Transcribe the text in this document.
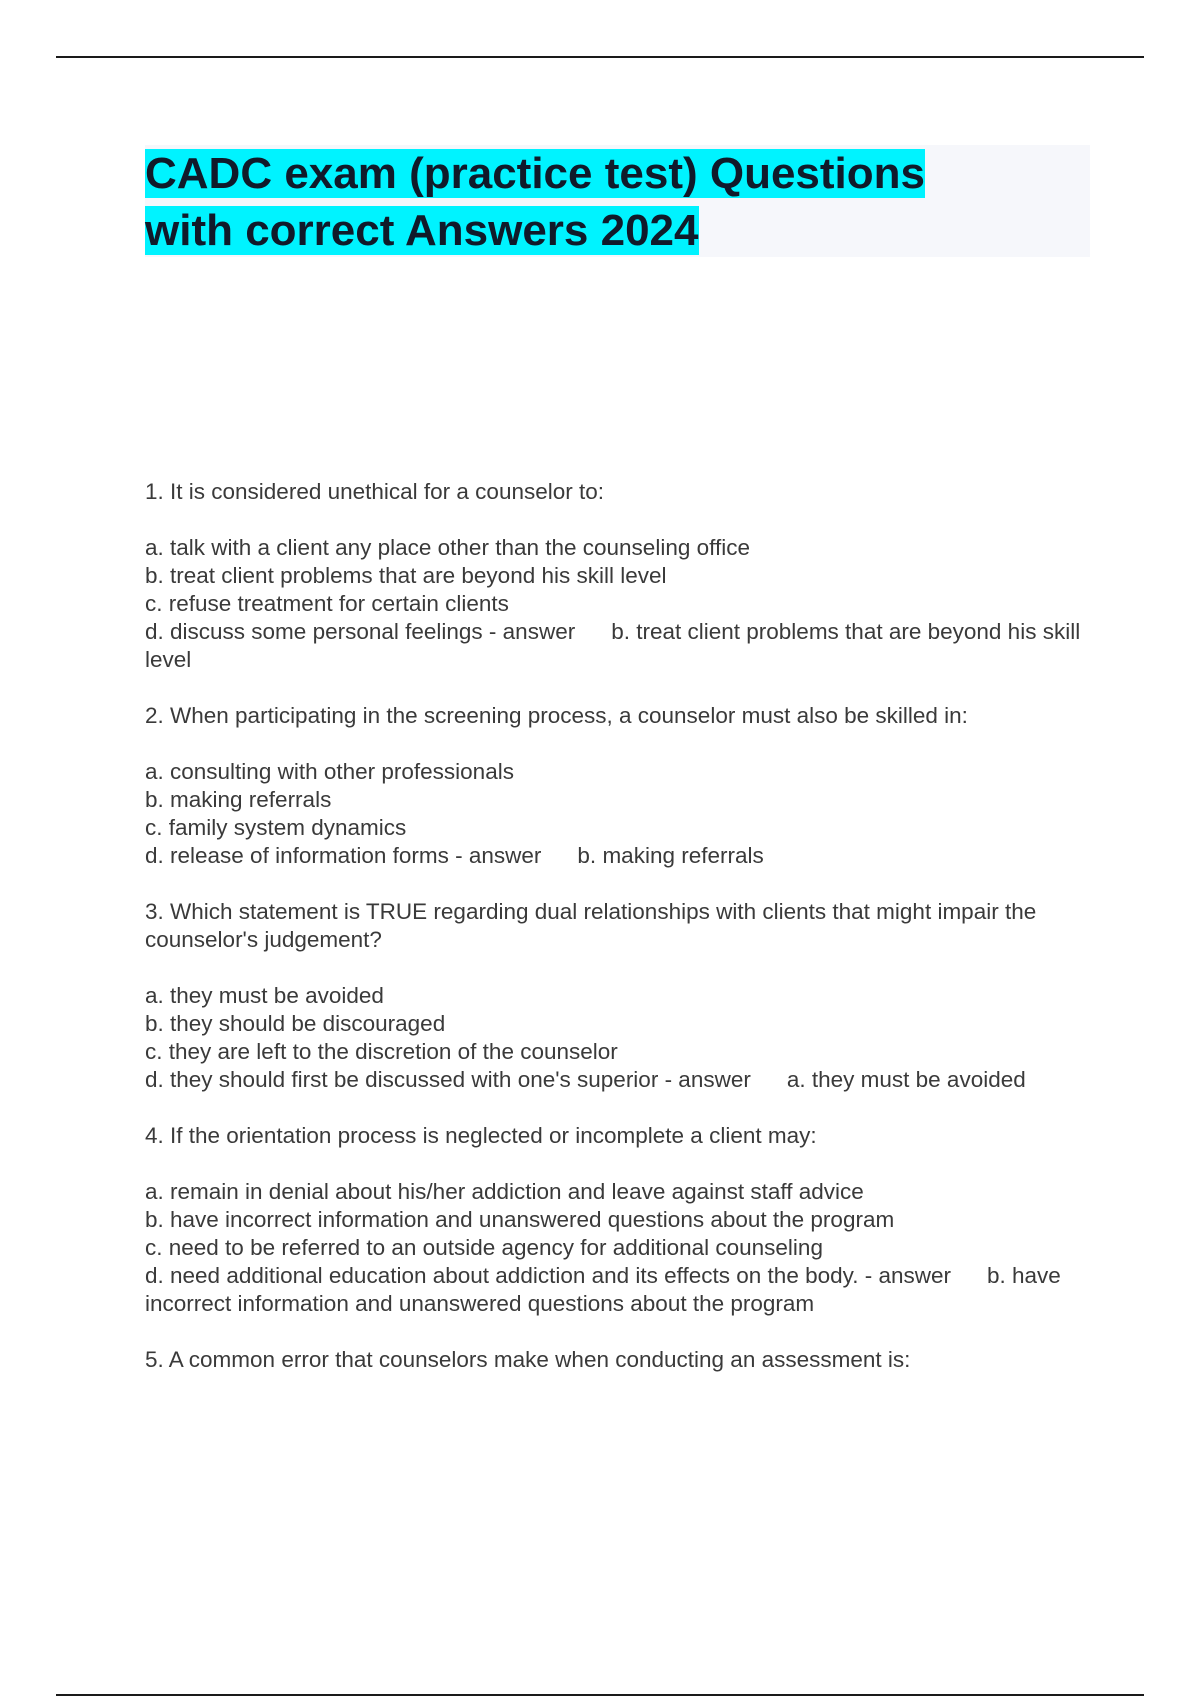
CADC exam (practice test) Questions with correct Answers 2024

1. It is considered unethical for a counselor to:

a. talk with a client any place other than the counseling office

b. treat client problems that are beyond his skill level

c. refuse treatment for certain clients

d. discuss some personal feelings - answer b. treat client problems that are beyond his skill level

2. When participating in the screening process, a counselor must also be skilled in:

a. consulting with other professionals

b. making referrals

c. family system dynamics

d. release of information forms - answer b. making referrals

3. Which statement is TRUE regarding dual relationships with clients that might impair the counselor's judgement?

a. they must be avoided

b. they should be discouraged

c. they are left to the discretion of the counselor

d. they should first be discussed with one's superior - answer a. they must be avoided

4. If the orientation process is neglected or incomplete a client may:

a. remain in denial about his/her addiction and leave against staff advice

b. have incorrect information and unanswered questions about the program

c. need to be referred to an outside agency for additional counseling

d. need additional education about addiction and its effects on the body. - answer b. have incorrect information and unanswered questions about the program

5. A common error that counselors make when conducting an assessment is:
